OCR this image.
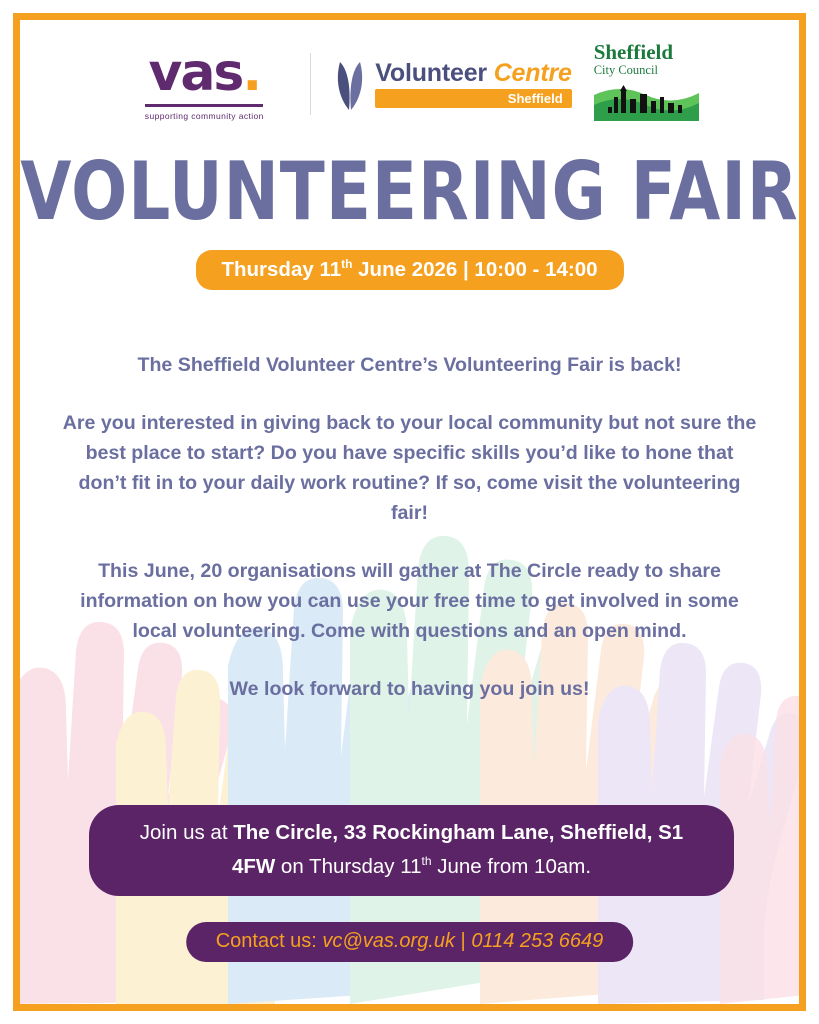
vas.
supporting community action
Volunteer Centre
Sheffield
Sheffield
City Council
VOLUNTEERING FAIR
Thursday 11th June 2026 | 10:00 - 14:00

The Sheffield Volunteer Centre’s Volunteering Fair is back!

Are you interested in giving back to your local community but not sure the best place to start? Do you have specific skills you’d like to hone that don’t fit in to your daily work routine? If so, come visit the volunteering fair!

This June, 20 organisations will gather at The Circle ready to share information on how you can use your free time to get involved in some local volunteering. Come with questions and an open mind.

We look forward to having you join us!

Join us at The Circle, 33 Rockingham Lane, Sheffield, S1 4FW on Thursday 11th June from 10am.
Contact us: vc@vas.org.uk | 0114 253 6649
